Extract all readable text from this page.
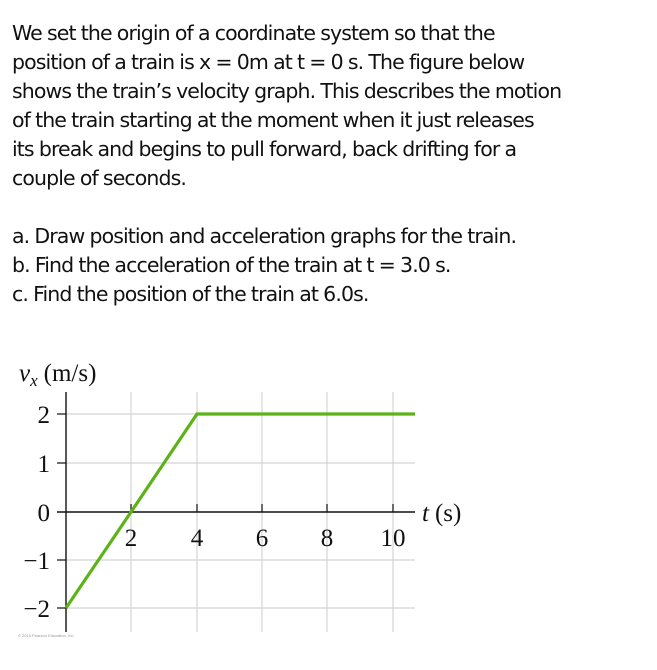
We set the origin of a coordinate system so that the
position of a train is x = 0m at t = 0 s. The figure below
shows the train’s velocity graph. This describes the motion
of the train starting at the moment when it just releases
its break and begins to pull forward, back drifting for a
couple of seconds.

a. Draw position and acceleration graphs for the train.
b. Find the acceleration of the train at t = 3.0 s.
c. Find the position of the train at 6.0s.

$v_x$ (m/s)
2
1
0
−1
−2
2 4 6 8 10
t (s)
© 2015 Pearson Education, Inc.
